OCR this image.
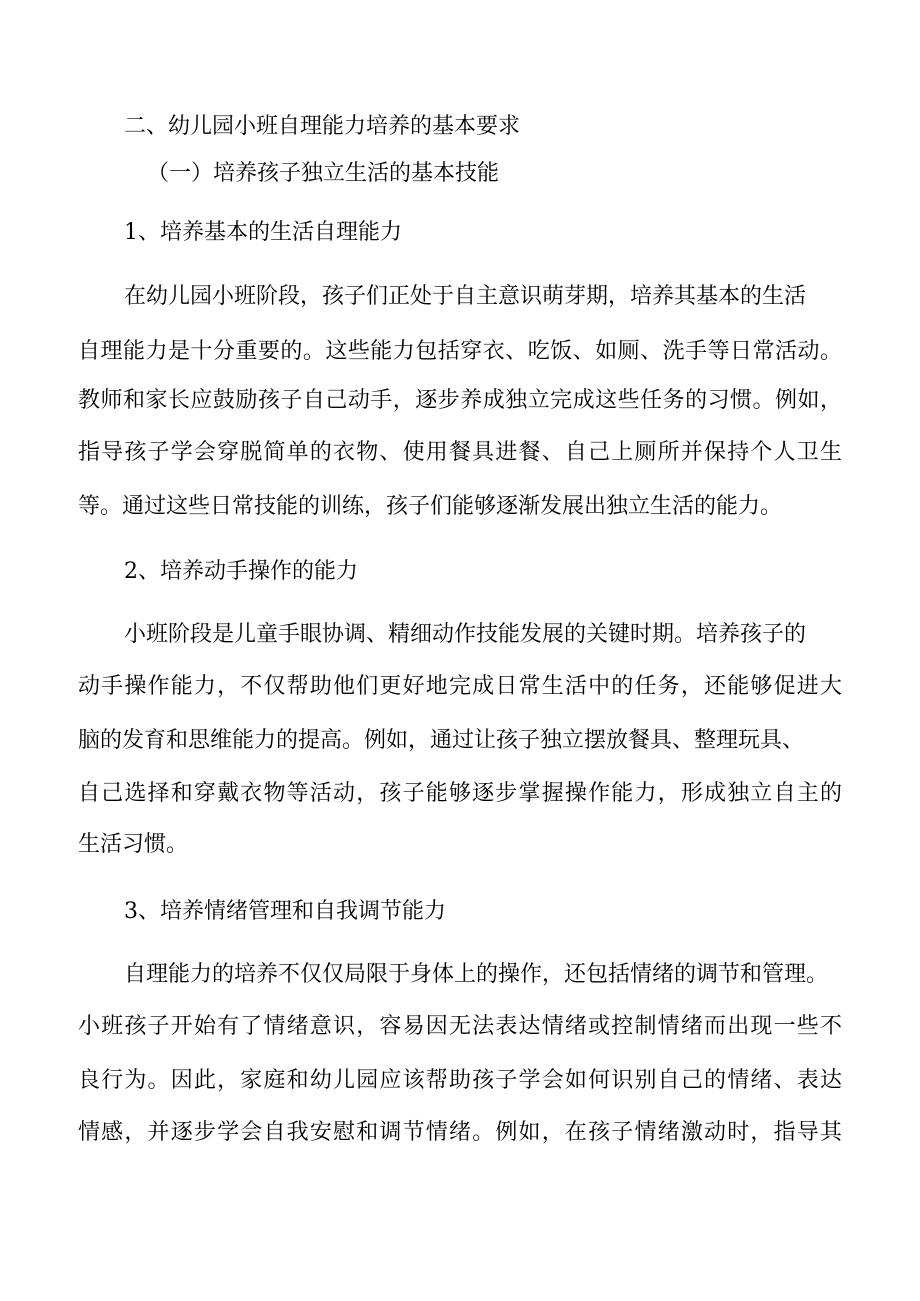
二、幼儿园小班自理能力培养的基本要求
（一）培养孩子独立生活的基本技能
1、培养基本的生活自理能力
在幼儿园小班阶段，孩子们正处于自主意识萌芽期，培养其基本的生活
自理能力是十分重要的。这些能力包括穿衣、吃饭、如厕、洗手等日常活动。
教师和家长应鼓励孩子自己动手，逐步养成独立完成这些任务的习惯。例如，
指导孩子学会穿脱简单的衣物、使用餐具进餐、自己上厕所并保持个人卫生
等。通过这些日常技能的训练，孩子们能够逐渐发展出独立生活的能力。
2、培养动手操作的能力
小班阶段是儿童手眼协调、精细动作技能发展的关键时期。培养孩子的
动手操作能力，不仅帮助他们更好地完成日常生活中的任务，还能够促进大
脑的发育和思维能力的提高。例如，通过让孩子独立摆放餐具、整理玩具、
自己选择和穿戴衣物等活动，孩子能够逐步掌握操作能力，形成独立自主的
生活习惯。
3、培养情绪管理和自我调节能力
自理能力的培养不仅仅局限于身体上的操作，还包括情绪的调节和管理。
小班孩子开始有了情绪意识，容易因无法表达情绪或控制情绪而出现一些不
良行为。因此，家庭和幼儿园应该帮助孩子学会如何识别自己的情绪、表达
情感，并逐步学会自我安慰和调节情绪。例如，在孩子情绪激动时，指导其
